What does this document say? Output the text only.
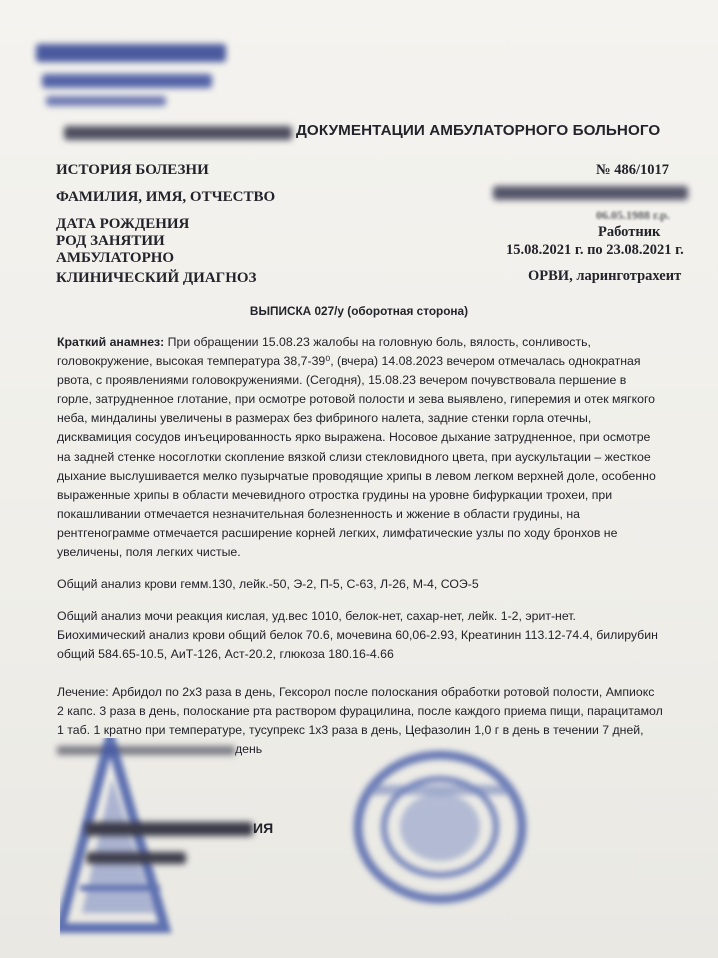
ДОКУМЕНТАЦИИ АМБУЛАТОРНОГО БОЛЬНОГО
ИСТОРИЯ БОЛЕЗНИ
ФАМИЛИЯ, ИМЯ, ОТЧЕСТВО
ДАТА РОЖДЕНИЯ
РОД ЗАНЯТИИ
АМБУЛАТОРНО
КЛИНИЧЕСКИЙ ДИАГНОЗ
№ 486/1017
06.05.1988 г.р.
Работник
15.08.2021 г. по 23.08.2021 г.
ОРВИ, ларинготрахеит
ВЫПИСКА 027/у (оборотная сторона)
Краткий анамнез: При обращении 15.08.23 жалобы на головную боль, вялость, сонливость,
головокружение, высокая температура 38,7-39⁰, (вчера) 14.08.2023 вечером отмечалась однократная
рвота, с проявлениями головокружениями. (Сегодня), 15.08.23 вечером почувствовала першение в
горле, затрудненное глотание, при осмотре ротовой полости и зева выявлено, гиперемия и отек мягкого
неба, миндалины увеличены в размерах без фибриного налета, задние стенки горла отечны,
дисквамиция сосудов инъецированность ярко выражена. Носовое дыхание затрудненное, при осмотре
на задней стенке носоглотки скопление вязкой слизи стекловидного цвета, при аускультации – жесткое
дыхание выслушивается мелко пузырчатые проводящие хрипы в левом легком верхней доле, особенно
выраженные хрипы в области мечевидного отростка грудины на уровне бифуркации трохеи, при
покашливании отмечается незначительная болезненность и жжение в области грудины, на
рентгенограмме отмечается расширение корней легких, лимфатические узлы по ходу бронхов не
увеличены, поля легких чистые.
Общий анализ крови гемм.130, лейк.-50, Э-2, П-5, С-63, Л-26, М-4, СОЭ-5
Общий анализ мочи реакция кислая, уд.вес 1010, белок-нет, сахар-нет, лейк. 1-2, эрит-нет.
Биохимический анализ крови общий белок 70.6, мочевина 60,06-2.93, Креатинин 113.12-74.4, билирубин
общий 584.65-10.5, АиТ-126, Аст-20.2, глюкоза 180.16-4.66
Лечение: Арбидол по 2х3 раза в день, Гексорол после полоскания обработки ротовой полости, Ампиокс
2 капс. 3 раза в день, полоскание рта раствором фурацилина, после каждого приема пищи, парацитамол
1 таб. 1 кратно при температуре, тусупрекс 1х3 раза в день, Цефазолин 1,0 г в день в течении 7 дней,
день
ИЯ
